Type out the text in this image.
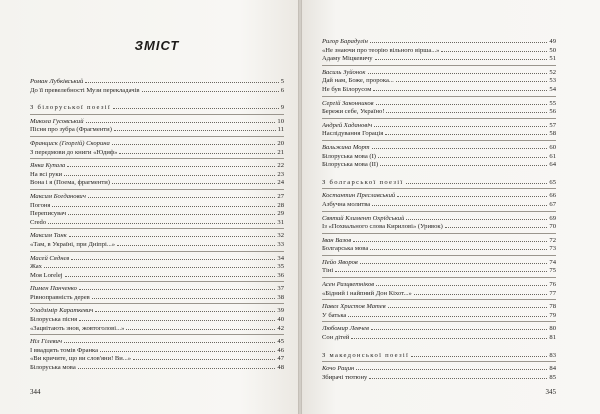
ЗМІСТ
Роман Лубківський	5
До її превелебності Музи перекладачів	6
З білоруської поезії	9
Микола Гусовський	10
Пісня про зубра (Фрагменти)	11
Франциск (Георгій) Скорина	20
З передмови до книги «Юдиф»	21
Янка Купала	22
На всі руки	23
Вона і я (Поема, фрагменти)	24
Максим Богданович	27
Погоня	28
Переписувач	29
Credo	31
Максим Танк	32
«Там, в Україні, при Дніпрі...»	33
Масей Сяднєв	34
Жах	35
Моя Lorelej	36
Пимен Панченко	37
Рівноправність дерев	38
Уладзімір Караткевич	39
Білоруська пісня	40
«Зацвітають знов, жовтоголові...»	42
Ніл Гілевич	45
І ввадцять томів Франка	46
«Ви кричите, що ви слов'яни! Ви...»	47
Білоруська мова	48
344
Ригор Барадулін	49
«Не знаючи про теорію вільного вірша...»	50
Адаму Міцкевичу	51
Василь Зуйонок	52
Дай нам, Боже, пророка...	53
Не був Білорусом	54
Сергій Законников	55
Бережи себе, Україно!	56
Андрей Хадановіч	57
Наслідування Горація	58
Вальжина Морт	60
Білоруська мова (I)	61
Білоруська мова (II)	64
З болгарської поезії	65
Костантин Преславський	66
Азбучна молитва	67
Святий Климент Охрідський	69
Із «Похвального слова Кирилові» (Уривок)	70
Іван Вазов	72
Болгарська мова	73
Пейо Яворов	74
Тіні	75
Асен Разцветніков	76
«Бідний і найпний Дон Кіхот...»	77
Павел Христов Матев	78
У батька	79
Любомир Левчев	80
Сон дітей	81
З македонської поезії	83
Кочо Рацин	84
Збирачі тютюну	85
345
